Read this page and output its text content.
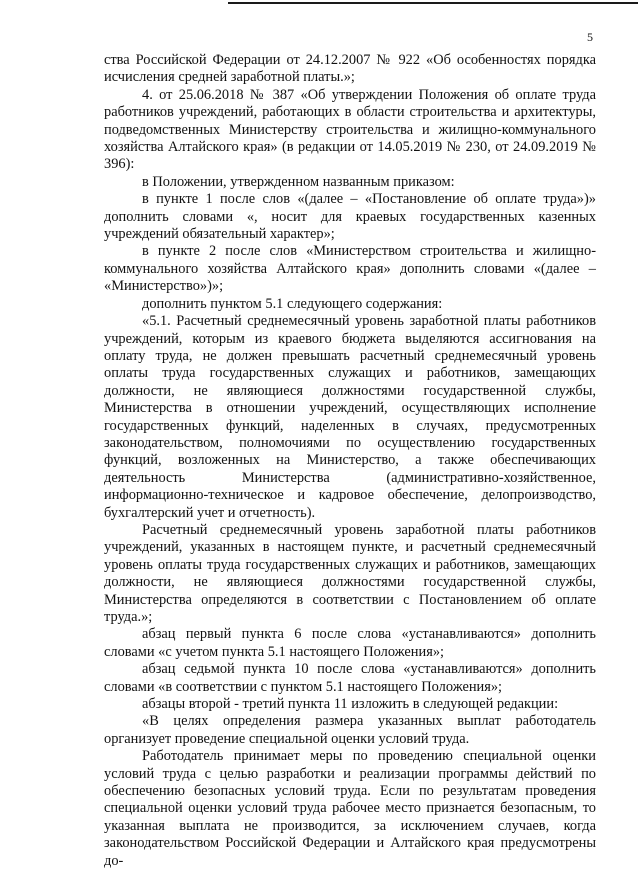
5

ства Российской Федерации от 24.12.2007 № 922 «Об особенностях порядка исчисления средней заработной платы.»;

4. от 25.06.2018 № 387 «Об утверждении Положения об оплате труда работников учреждений, работающих в области строительства и архитектуры, подведомственных Министерству строительства и жилищно-коммунального хозяйства Алтайского края» (в редакции от 14.05.2019 № 230, от 24.09.2019 № 396):

в Положении, утвержденном названным приказом:

в пункте 1 после слов «(далее – «Постановление об оплате труда»)» дополнить словами «, носит для краевых государственных казенных учреждений обязательный характер»;

в пункте 2 после слов «Министерством строительства и жилищно-коммунального хозяйства Алтайского края» дополнить словами «(далее – «Министерство»)»;

дополнить пунктом 5.1 следующего содержания:

«5.1. Расчетный среднемесячный уровень заработной платы работников учреждений, которым из краевого бюджета выделяются ассигнования на оплату труда, не должен превышать расчетный среднемесячный уровень оплаты труда государственных служащих и работников, замещающих должности, не являющиеся должностями государственной службы, Министерства в отношении учреждений, осуществляющих исполнение государственных функций, наделенных в случаях, предусмотренных законодательством, полномочиями по осуществлению государственных функций, возложенных на Министерство, а также обеспечивающих деятельность Министерства (административно-хозяйственное, информационно-техническое и кадровое обеспечение, делопроизводство, бухгалтерский учет и отчетность).

Расчетный среднемесячный уровень заработной платы работников учреждений, указанных в настоящем пункте, и расчетный среднемесячный уровень оплаты труда государственных служащих и работников, замещающих должности, не являющиеся должностями государственной службы, Министерства определяются в соответствии с Постановлением об оплате труда.»;

абзац первый пункта 6 после слова «устанавливаются» дополнить словами «с учетом пункта 5.1 настоящего Положения»;

абзац седьмой пункта 10 после слова «устанавливаются» дополнить словами «в соответствии с пунктом 5.1 настоящего Положения»;

абзацы второй - третий пункта 11 изложить в следующей редакции:

«В целях определения размера указанных выплат работодатель организует проведение специальной оценки условий труда.

Работодатель принимает меры по проведению специальной оценки условий труда с целью разработки и реализации программы действий по обеспечению безопасных условий труда. Если по результатам проведения специальной оценки условий труда рабочее место признается безопасным, то указанная выплата не производится, за исключением случаев, когда законодательством Российской Федерации и Алтайского края предусмотрены до-
